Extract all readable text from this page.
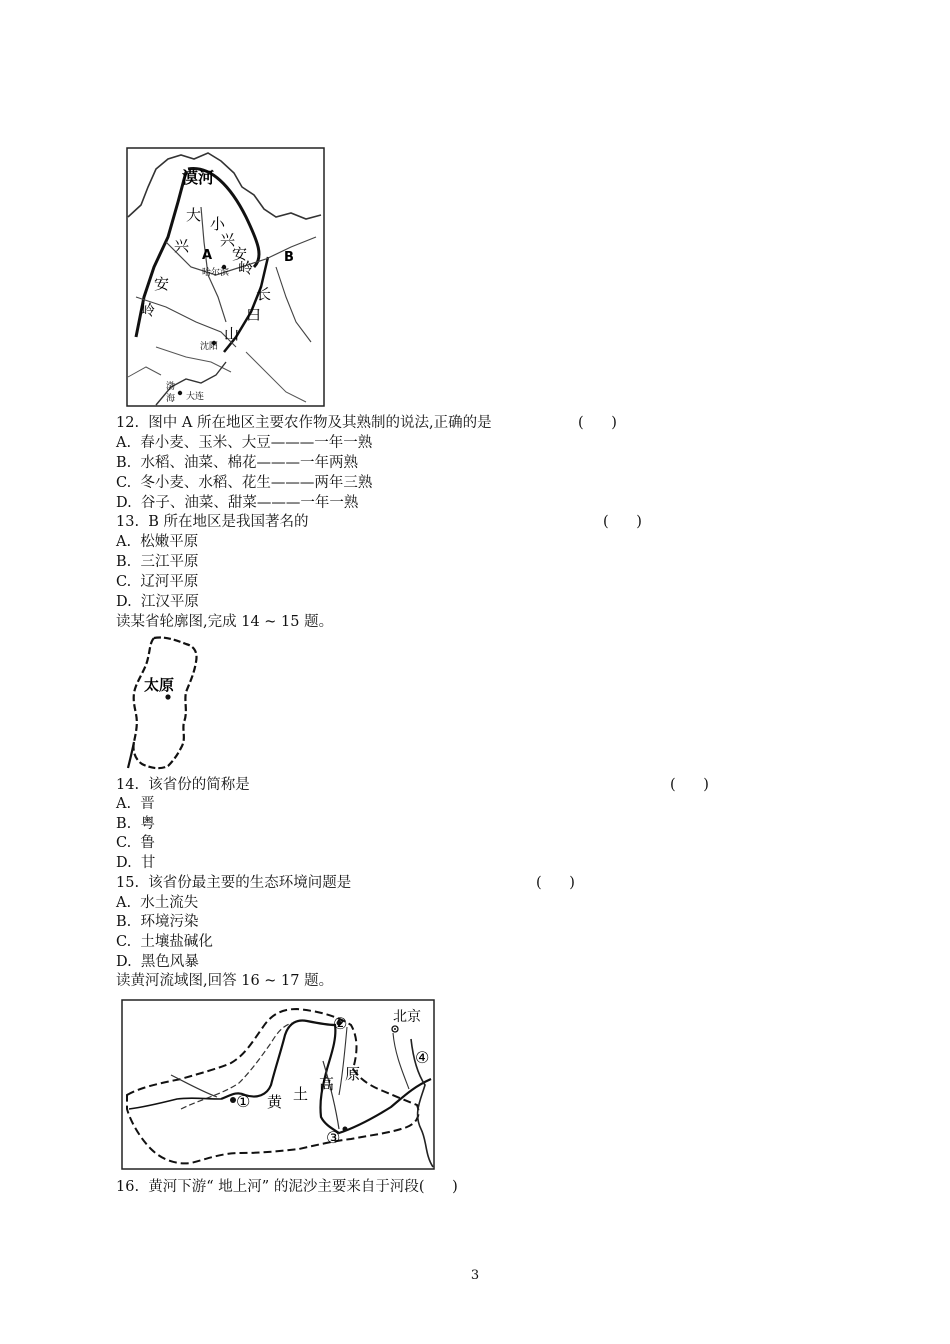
漠河
大
兴
安
岭
小
兴
安
岭
A	B
哈尔滨
长
白
山
沈阳
渤
海 大连
12.  图中 A 所在地区主要农作物及其熟制的说法,正确的是	(      )
A.  春小麦、玉米、大豆———一年一熟
B.  水稻、油菜、棉花———一年两熟
C.  冬小麦、水稻、花生———两年三熟
D.  谷子、油菜、甜菜———一年一熟
13.  B 所在地区是我国著名的	(      )
A.  松嫩平原
B.  三江平原
C.  辽河平原
D.  江汉平原
读某省轮廓图,完成 14 ~ 15 题。
太原
14.  该省份的简称是	(      )
A.  晋
B.  粤
C.  鲁
D.  甘
15.  该省份最主要的生态环境问题是	(      )
A.  水土流失
B.  环境污染
C.  土壤盐碱化
D.  黑色风暴
读黄河流域图,回答 16 ~ 17 题。
北京
①
②
③
④
黄 土
高
原
16.  黄河下游“ 地上河” 的泥沙主要来自于河段(      )
3
